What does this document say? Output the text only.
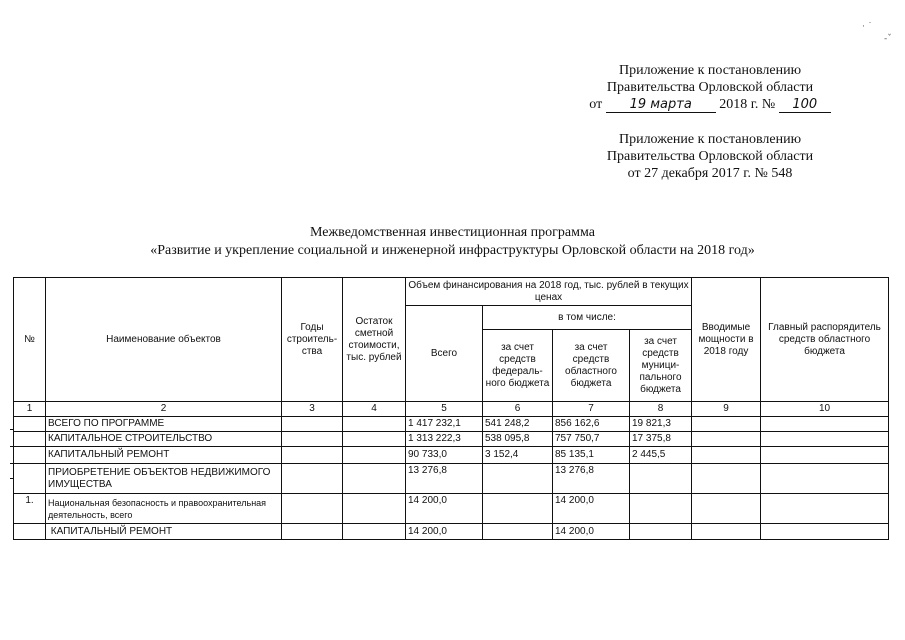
Приложение к постановлению
Правительства Орловской области
от 19 марта 2018 г. № 100
Приложение к постановлению
Правительства Орловской области
от 27 декабря 2017 г. № 548
· ˙
-ˇ
Межведомственная инвестиционная программа
«Развитие и укрепление социальной и инженерной инфраструктуры Орловской области на 2018 год»
№	Наименование объектов	Годы строитель-ства	Остаток сметной стоимости, тыс. рублей	Объем финансирования на 2018 год, тыс. рублей в текущих ценах				Вводимые мощности в 2018 году	Главный распорядитель средств областного бюджета
				Всего	в том числе:				
					за счет средств федераль-ного бюджета	за счет средств областного бюджета	за счет средств муници-пального бюджета		
1	2	3	4	5	6	7	8	9	10
	ВСЕГО ПО ПРОГРАММЕ			1 417 232,1	541 248,2	856 162,6	19 821,3		
	КАПИТАЛЬНОЕ СТРОИТЕЛЬСТВО			1 313 222,3	538 095,8	757 750,7	17 375,8		
	КАПИТАЛЬНЫЙ РЕМОНТ			90 733,0	3 152,4	85 135,1	2 445,5		
	ПРИОБРЕТЕНИЕ ОБЪЕКТОВ НЕДВИЖИМОГО ИМУЩЕСТВА			13 276,8		13 276,8			
1.	Национальная безопасность и правоохранительная деятельность, всего			14 200,0		14 200,0			
	КАПИТАЛЬНЫЙ РЕМОНТ			14 200,0		14 200,0			
